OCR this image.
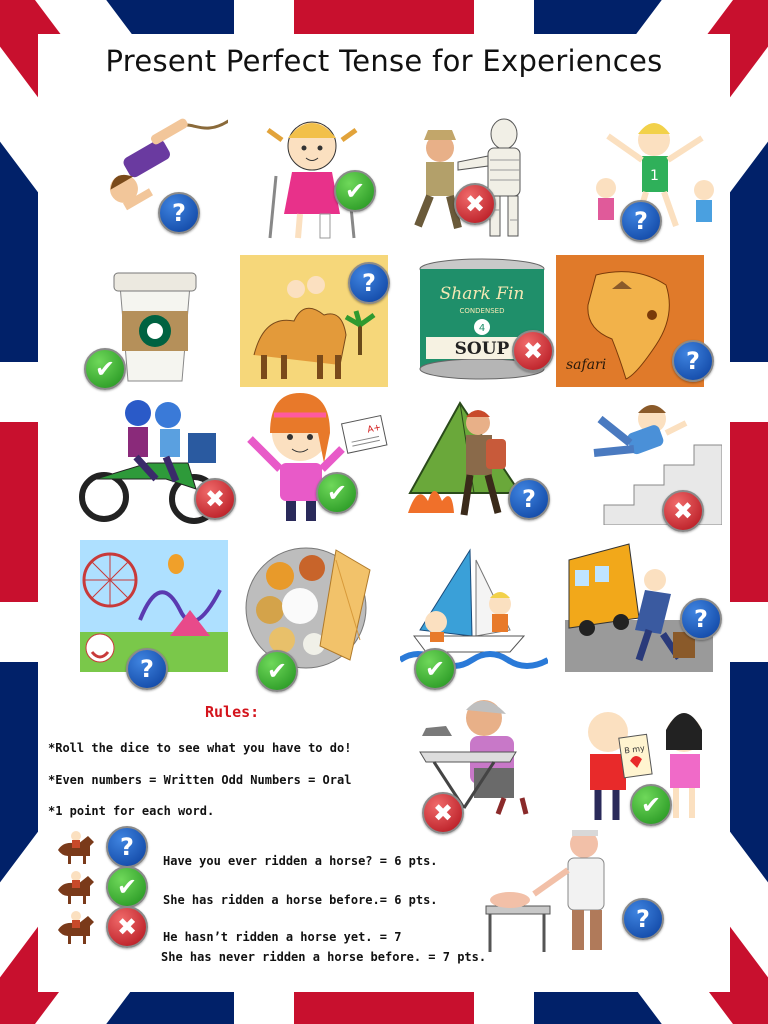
Present Perfect Tense for Experiences
1
Shark Fin
CONDENSED
4
SOUP
safari
A+
B my
Rules:
*Roll the dice to see what you have to do!
*Even numbers = Written Odd Numbers = Oral
*1 point for each word.
Have you ever ridden a horse? = 6 pts.
She has ridden a horse before.= 6 pts.
He hasn’t ridden a horse yet. = 7
She has never ridden a horse before. = 7 pts.
?
✔	✖
?
✔
?
✖	?
✖	✔	?	✖
?	✔	✔
?
✖	✔
?
?
✔
✖
